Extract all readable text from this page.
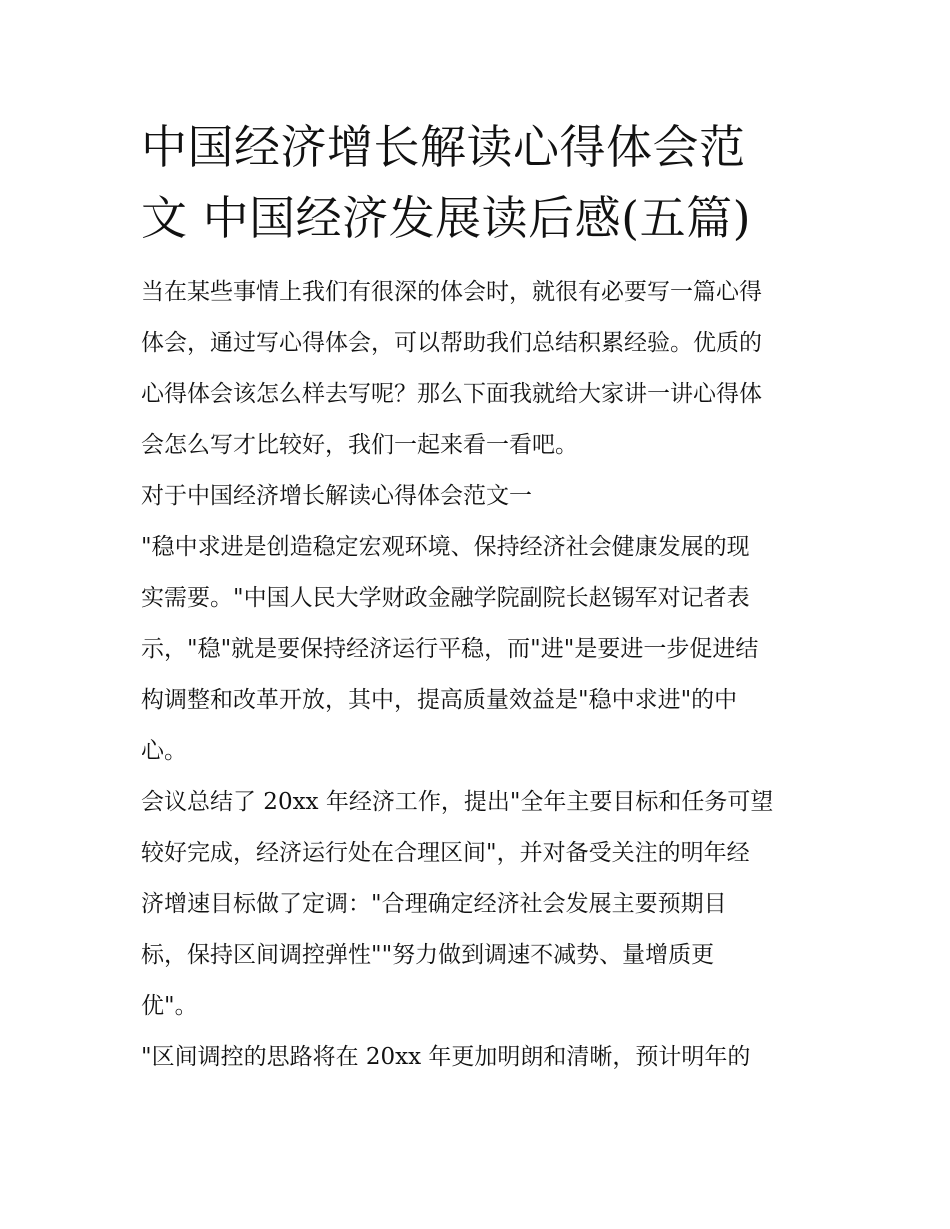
中国经济增长解读心得体会范
文 中国经济发展读后感(五篇)

当在某些事情上我们有很深的体会时，就很有必要写一篇心得
体会，通过写心得体会，可以帮助我们总结积累经验。优质的
心得体会该怎么样去写呢？那么下面我就给大家讲一讲心得体
会怎么写才比较好，我们一起来看一看吧。

对于中国经济增长解读心得体会范文一

"稳中求进是创造稳定宏观环境、保持经济社会健康发展的现
实需要。"中国人民大学财政金融学院副院长赵锡军对记者表
示，"稳"就是要保持经济运行平稳，而"进"是要进一步促进结
构调整和改革开放，其中，提高质量效益是"稳中求进"的中
心。

会议总结了 20xx 年经济工作，提出"全年主要目标和任务可望
较好完成，经济运行处在合理区间"，并对备受关注的明年经
济增速目标做了定调："合理确定经济社会发展主要预期目
标，保持区间调控弹性""努力做到调速不减势、量增质更
优"。

"区间调控的思路将在 20xx 年更加明朗和清晰，预计明年的
